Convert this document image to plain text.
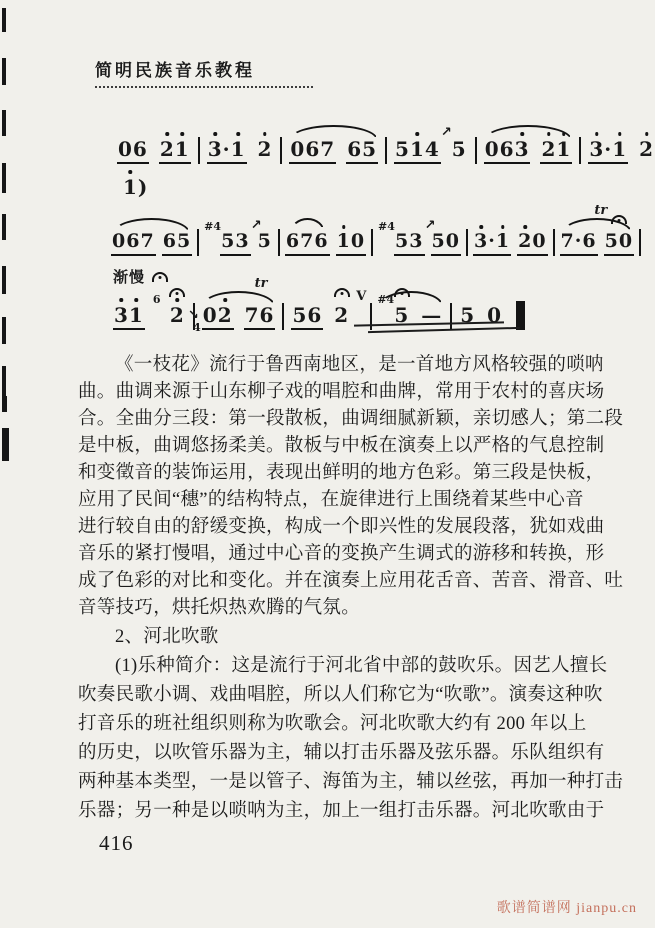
简明民族音乐教程
0 6 2 1 3 · 1 2 0 6 7 6 5 5 1 4
↗
5 0 6 3 2 1 3 · 1 2
1 )
0 6 7 6 5 5 3
#4 ↗
5 6 7 6 1 0 5 3
#4 ↗
5 0 3 · 1 2 0 7 · 6 5 0
tr
渐慢
3 1 2
6
↘
4
0 2 7 6
tr
5 6 2
V
5
#4
— 5 0
《一枝花》流行于鲁西南地区，是一首地方风格较强的唢呐
曲。曲调来源于山东柳子戏的唱腔和曲牌，常用于农村的喜庆场
合。全曲分三段：第一段散板，曲调细腻新颖，亲切感人；第二段
是中板，曲调悠扬柔美。散板与中板在演奏上以严格的气息控制
和变徵音的装饰运用，表现出鲜明的地方色彩。第三段是快板，
应用了民间“穗”的结构特点，在旋律进行上围绕着某些中心音
进行较自由的舒缓变换，构成一个即兴性的发展段落，犹如戏曲
音乐的紧打慢唱，通过中心音的变换产生调式的游移和转换，形
成了色彩的对比和变化。并在演奏上应用花舌音、苦音、滑音、吐
音等技巧，烘托炽热欢腾的气氛。
2、河北吹歌
(1)乐种简介：这是流行于河北省中部的鼓吹乐。因艺人擅长
吹奏民歌小调、戏曲唱腔，所以人们称它为“吹歌”。演奏这种吹
打音乐的班社组织则称为吹歌会。河北吹歌大约有 200 年以上
的历史，以吹管乐器为主，辅以打击乐器及弦乐器。乐队组织有
两种基本类型，一是以管子、海笛为主，辅以丝弦，再加一种打击
乐器；另一种是以唢呐为主，加上一组打击乐器。河北吹歌由于
416
歌谱简谱网 jianpu.cn
